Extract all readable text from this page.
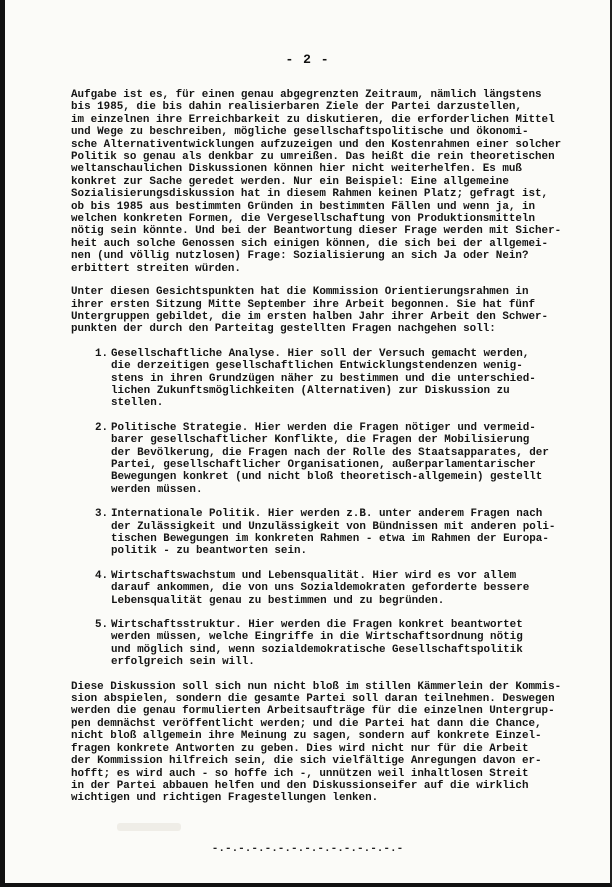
- 2 -

Aufgabe ist es, für einen genau abgegrenzten Zeitraum, nämlich längstens
bis 1985, die bis dahin realisierbaren Ziele der Partei darzustellen,
im einzelnen ihre Erreichbarkeit zu diskutieren, die erforderlichen Mittel
und Wege zu beschreiben, mögliche gesellschaftspolitische und ökonomi-
sche Alternativentwicklungen aufzuzeigen und den Kostenrahmen einer solcher
Politik so genau als denkbar zu umreißen. Das heißt die rein theoretischen
weltanschaulichen Diskussionen können hier nicht weiterhelfen. Es muß
konkret zur Sache geredet werden. Nur ein Beispiel: Eine allgemeine
Sozialisierungsdiskussion hat in diesem Rahmen keinen Platz; gefragt ist,
ob bis 1985 aus bestimmten Gründen in bestimmten Fällen und wenn ja, in
welchen konkreten Formen, die Vergesellschaftung von Produktionsmitteln
nötig sein könnte. Und bei der Beantwortung dieser Frage werden mit Sicher-
heit auch solche Genossen sich einigen können, die sich bei der allgemei-
nen (und völlig nutzlosen) Frage: Sozialisierung an sich Ja oder Nein?
erbittert streiten würden.

Unter diesen Gesichtspunkten hat die Kommission Orientierungsrahmen in
ihrer ersten Sitzung Mitte September ihre Arbeit begonnen. Sie hat fünf
Untergruppen gebildet, die im ersten halben Jahr ihrer Arbeit den Schwer-
punkten der durch den Parteitag gestellten Fragen nachgehen soll:

1. Gesellschaftliche Analyse. Hier soll der Versuch gemacht werden,
die derzeitigen gesellschaftlichen Entwicklungstendenzen wenig-
stens in ihren Grundzügen näher zu bestimmen und die unterschied-
lichen Zukunftsmöglichkeiten (Alternativen) zur Diskussion zu
stellen.
2. Politische Strategie. Hier werden die Fragen nötiger und vermeid-
barer gesellschaftlicher Konflikte, die Fragen der Mobilisierung
der Bevölkerung, die Fragen nach der Rolle des Staatsapparates, der
Partei, gesellschaftlicher Organisationen, außerparlamentarischer
Bewegungen konkret (und nicht bloß theoretisch-allgemein) gestellt
werden müssen.
3. Internationale Politik. Hier werden z.B. unter anderem Fragen nach
der Zulässigkeit und Unzulässigkeit von Bündnissen mit anderen poli-
tischen Bewegungen im konkreten Rahmen - etwa im Rahmen der Europa-
politik - zu beantworten sein.
4. Wirtschaftswachstum und Lebensqualität. Hier wird es vor allem
darauf ankommen, die von uns Sozialdemokraten geforderte bessere
Lebensqualität genau zu bestimmen und zu begründen.
5. Wirtschaftsstruktur. Hier werden die Fragen konkret beantwortet
werden müssen, welche Eingriffe in die Wirtschaftsordnung nötig
und möglich sind, wenn sozialdemokratische Gesellschaftspolitik
erfolgreich sein will.

Diese Diskussion soll sich nun nicht bloß im stillen Kämmerlein der Kommis-
sion abspielen, sondern die gesamte Partei soll daran teilnehmen. Deswegen
werden die genau formulierten Arbeitsaufträge für die einzelnen Untergrup-
pen demnächst veröffentlicht werden; und die Partei hat dann die Chance,
nicht bloß allgemein ihre Meinung zu sagen, sondern auf konkrete Einzel-
fragen konkrete Antworten zu geben. Dies wird nicht nur für die Arbeit
der Kommission hilfreich sein, die sich vielfältige Anregungen davon er-
hofft; es wird auch - so hoffe ich -, unnützen weil inhaltlosen Streit
in der Partei abbauen helfen und den Diskussionseifer auf die wirklich
wichtigen und richtigen Fragestellungen lenken.

-.-.-.-.-.-.-.-.-.-.-.-.-.-.-
